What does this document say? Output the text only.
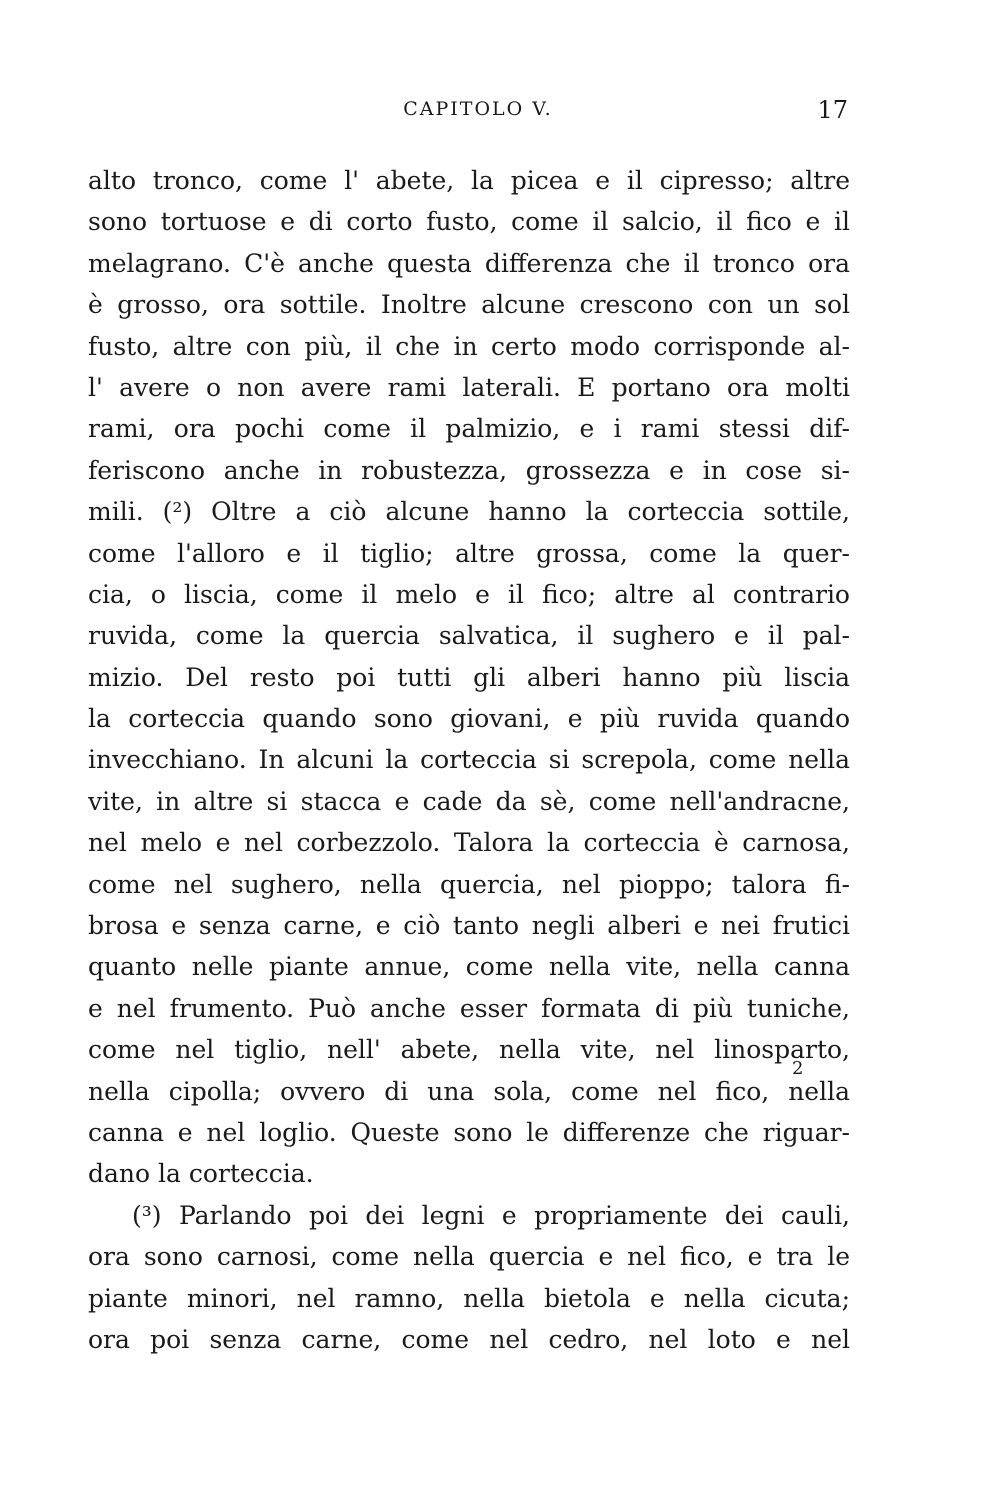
CAPITOLO V.	17
alto tronco, come l' abete, la picea e il cipresso; altre
sono tortuose e di corto fusto, come il salcio, il fico e il
melagrano. C'è anche questa differenza che il tronco ora
è grosso, ora sottile. Inoltre alcune crescono con un sol
fusto, altre con più, il che in certo modo corrisponde al-
l' avere o non avere rami laterali. E portano ora molti
rami, ora pochi come il palmizio, e i rami stessi dif-
feriscono anche in robustezza, grossezza e in cose si-
mili. (²) Oltre a ciò alcune hanno la corteccia sottile,
come l'alloro e il tiglio; altre grossa, come la quer-
cia, o liscia, come il melo e il fico; altre al contrario
ruvida, come la quercia salvatica, il sughero e il pal-
mizio. Del resto poi tutti gli alberi hanno più liscia
la corteccia quando sono giovani, e più ruvida quando
invecchiano. In alcuni la corteccia si screpola, come nella
vite, in altre si stacca e cade da sè, come nell'andracne,
nel melo e nel corbezzolo. Talora la corteccia è carnosa,
come nel sughero, nella quercia, nel pioppo; talora fi-
brosa e senza carne, e ciò tanto negli alberi e nei frutici
quanto nelle piante annue, come nella vite, nella canna
e nel frumento. Può anche esser formata di più tuniche,
come nel tiglio, nell' abete, nella vite, nel linosparto,
nella cipolla; ovvero di una sola, come nel fico, nella
canna e nel loglio. Queste sono le differenze che riguar-
dano la corteccia.
(³) Parlando poi dei legni e propriamente dei cauli,
ora sono carnosi, come nella quercia e nel fico, e tra le
piante minori, nel ramno, nella bietola e nella cicuta;
ora poi senza carne, come nel cedro, nel loto e nel
2
